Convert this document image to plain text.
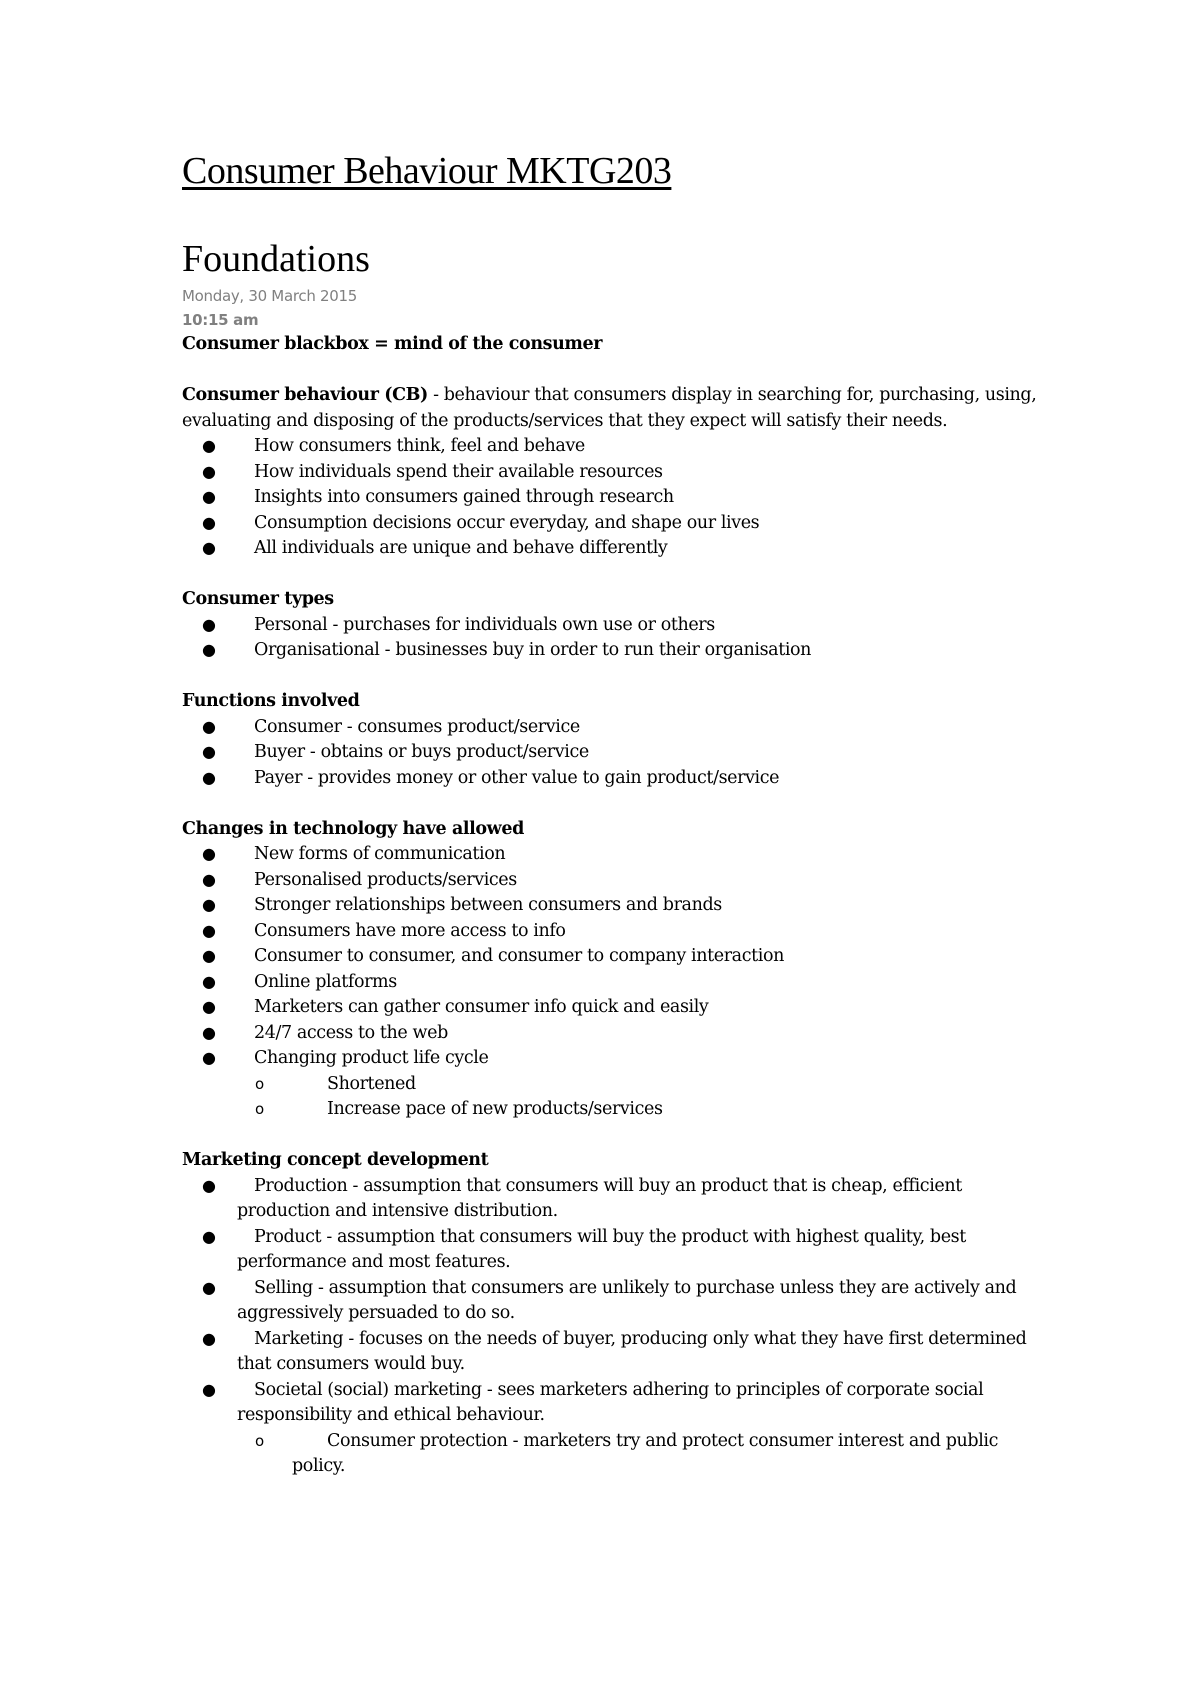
Consumer Behaviour MKTG203
Foundations
Monday, 30 March 2015
10:15 am

Consumer blackbox = mind of the consumer

Consumer behaviour (CB) - behaviour that consumers display in searching for, purchasing, using, evaluating and disposing of the products/services that they expect will satisfy their needs.

● How consumers think, feel and behave
● How individuals spend their available resources
● Insights into consumers gained through research
● Consumption decisions occur everyday, and shape our lives
● All individuals are unique and behave differently

Consumer types

● Personal - purchases for individuals own use or others
● Organisational - businesses buy in order to run their organisation

Functions involved

● Consumer - consumes product/service
● Buyer - obtains or buys product/service
● Payer - provides money or other value to gain product/service

Changes in technology have allowed

● New forms of communication
● Personalised products/services
● Stronger relationships between consumers and brands
● Consumers have more access to info
● Consumer to consumer, and consumer to company interaction
● Online platforms
● Marketers can gather consumer info quick and easily
● 24/7 access to the web
● Changing product life cycle
o	Shortened
o	Increase pace of new products/services

Marketing concept development

● Production - assumption that consumers will buy an product that is cheap, efficient production and intensive distribution.
● Product - assumption that consumers will buy the product with highest quality, best performance and most features.
● Selling - assumption that consumers are unlikely to purchase unless they are actively and aggressively persuaded to do so.
● Marketing - focuses on the needs of buyer, producing only what they have first determined that consumers would buy.
● Societal (social) marketing - sees marketers adhering to principles of corporate social responsibility and ethical behaviour.
o	Consumer protection - marketers try and protect consumer interest and public policy.
